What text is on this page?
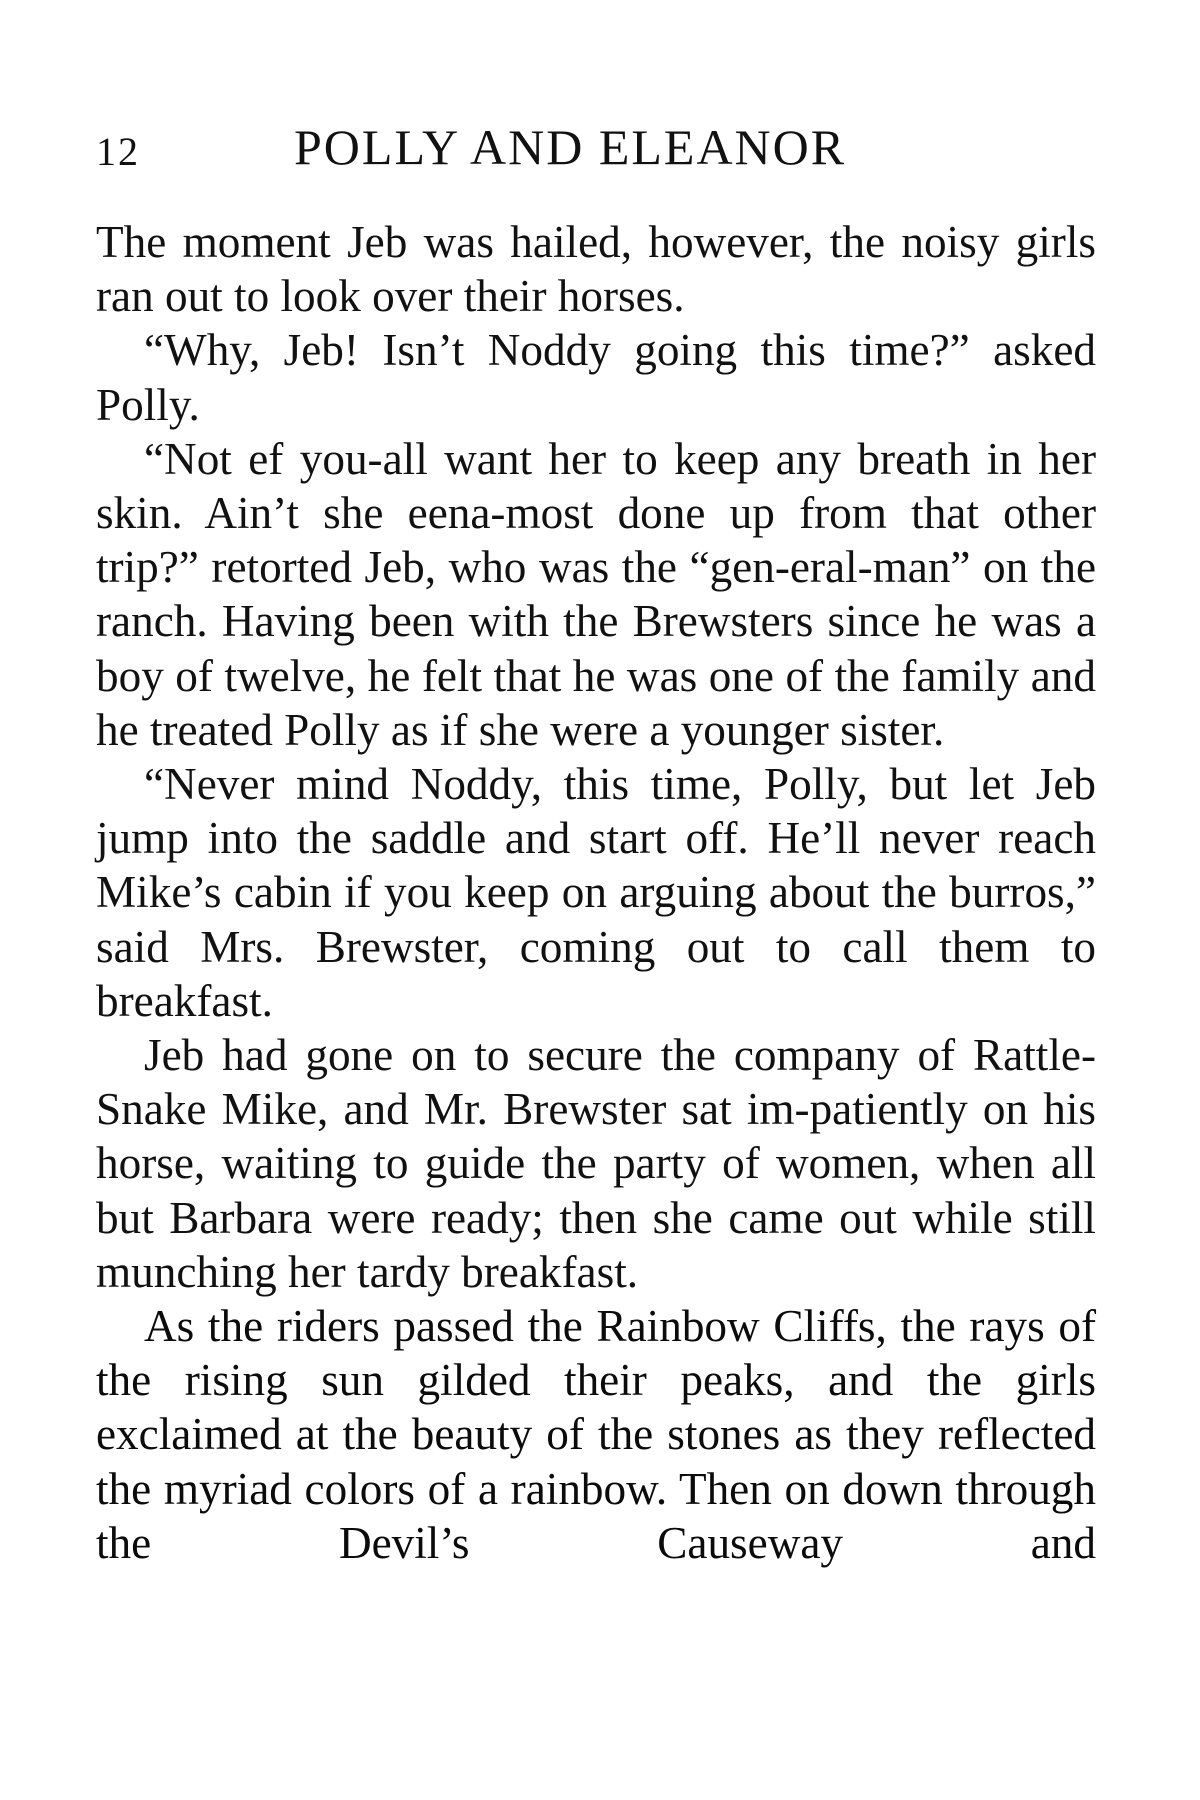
12	POLLY AND ELEANOR

The moment Jeb was hailed, however, the noisy girls ran out to look over their horses.

“Why, Jeb! Isn’t Noddy going this time?” asked Polly.

“Not ef you-all want her to keep any breath in her skin. Ain’t she eena-most done up from that other trip?” retorted Jeb, who was the “gen-eral-man” on the ranch. Having been with the Brewsters since he was a boy of twelve, he felt that he was one of the family and he treated Polly as if she were a younger sister.

“Never mind Noddy, this time, Polly, but let Jeb jump into the saddle and start off. He’ll never reach Mike’s cabin if you keep on arguing about the burros,” said Mrs. Brewster, coming out to call them to breakfast.

Jeb had gone on to secure the company of Rattle-Snake Mike, and Mr. Brewster sat im-patiently on his horse, waiting to guide the party of women, when all but Barbara were ready; then she came out while still munching her tardy breakfast.

As the riders passed the Rainbow Cliffs, the rays of the rising sun gilded their peaks, and the girls exclaimed at the beauty of the stones as they reflected the myriad colors of a rainbow. Then on down through the Devil’s Causeway and
